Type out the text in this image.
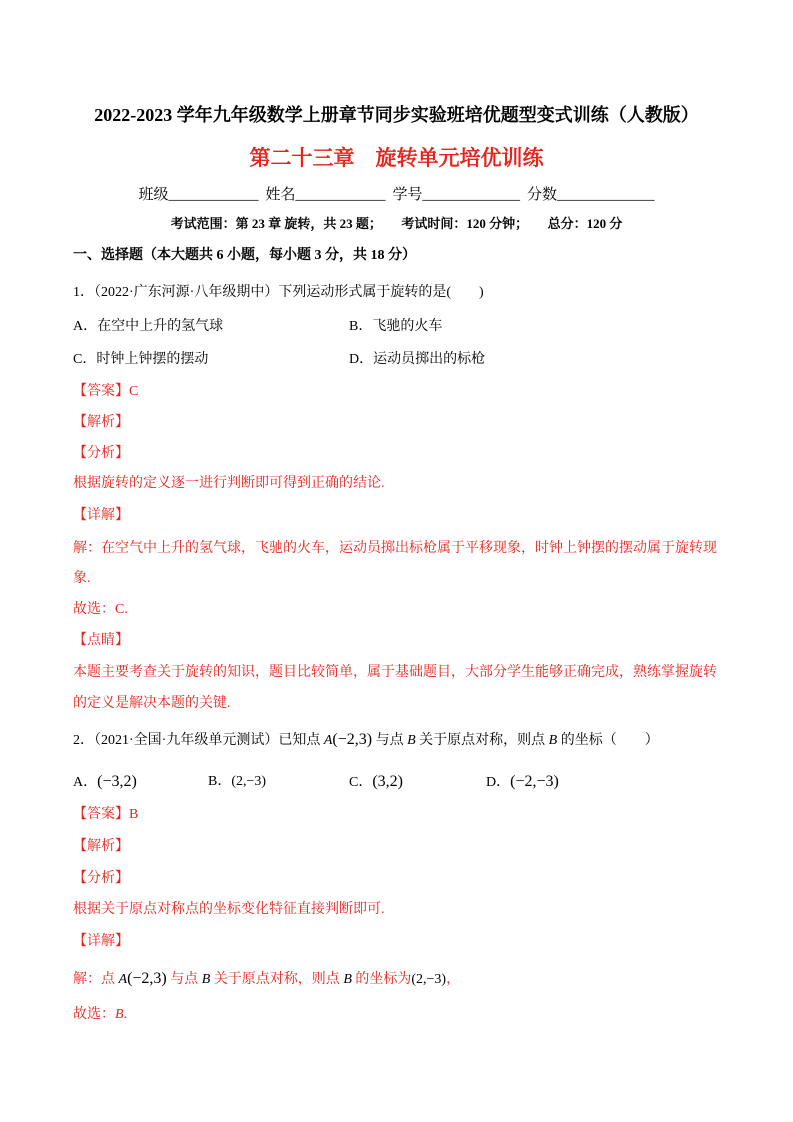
2022-2023 学年九年级数学上册章节同步实验班培优题型变式训练（人教版）
第二十三章　旋转单元培优训练
班级____________ 姓名____________ 学号_____________ 分数_____________
考试范围：第 23 章 旋转，共 23 题；　　考试时间：120 分钟；　　总分：120 分
一、选择题（本大题共 6 小题，每小题 3 分，共 18 分）
1．（2022·广东河源·八年级期中）下列运动形式属于旋转的是(　　)
A．在空中上升的氢气球	B．飞驰的火车
C．时钟上钟摆的摆动	D．运动员掷出的标枪
【答案】C
【解析】
【分析】
根据旋转的定义逐一进行判断即可得到正确的结论.
【详解】
解：在空气中上升的氢气球，飞驰的火车，运动员掷出标枪属于平移现象，时钟上钟摆的摆动属于旋转现
象.
故选：C.
【点睛】
本题主要考查关于旋转的知识，题目比较简单，属于基础题目，大部分学生能够正确完成，熟练掌握旋转
的定义是解决本题的关键.
2．（2021·全国·九年级单元测试）已知点 A(−2,3) 与点 B 关于原点对称，则点 B 的坐标（　　）
A．(−3,2)	B．(2,−3)	C．(3,2)	D．(−2,−3)
【答案】B
【解析】
【分析】
根据关于原点对称点的坐标变化特征直接判断即可.
【详解】
解：点 A(−2,3) 与点 B 关于原点对称，则点 B 的坐标为(2,−3)，
故选：B.
